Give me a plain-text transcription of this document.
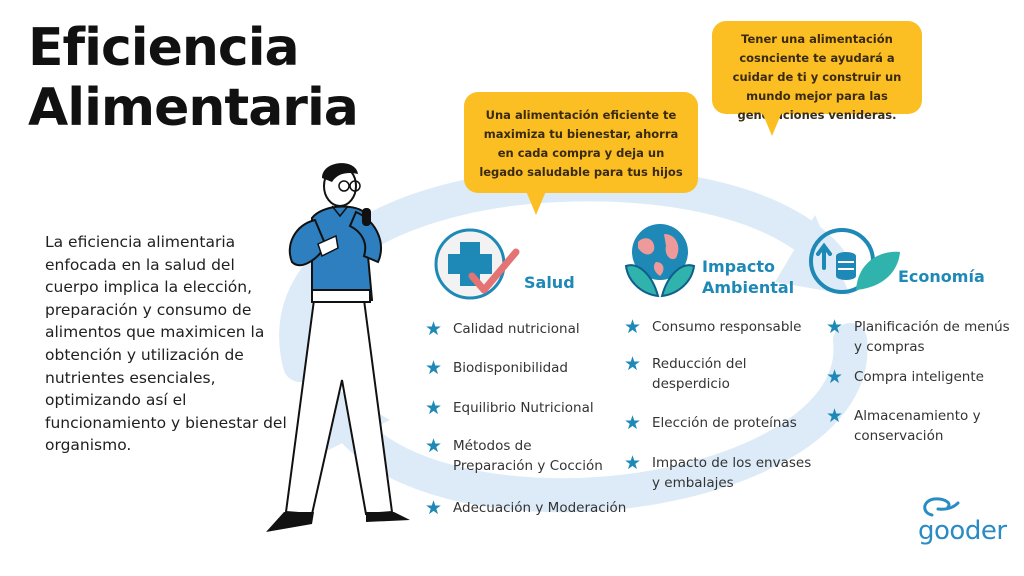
Eficiencia
Alimentaria
La eficiencia alimentaria enfocada en la salud del cuerpo implica la elección, preparación y consumo de alimentos que maximicen la obtención y utilización de nutrientes esenciales, optimizando así el funcionamiento y bienestar del organismo.
Una alimentación eficiente te maximiza tu bienestar, ahorra en cada compra y deja un legado saludable para tus hijos
Tener una alimentación cosnciente te ayudará a cuidar de ti y construir un mundo mejor para las generaciones venideras.
Salud
★ Calidad nutricional
★ Biodisponibilidad
★ Equilibrio Nutricional
★ Métodos de Preparación y Cocción
★ Adecuación y Moderación
Impacto
Ambiental
★ Consumo responsable
★ Reducción del desperdicio
★ Elección de proteínas
★ Impacto de los envases y embalajes
Economía
★ Planificación de menús y compras
★ Compra inteligente
★ Almacenamiento y conservación
gooder
